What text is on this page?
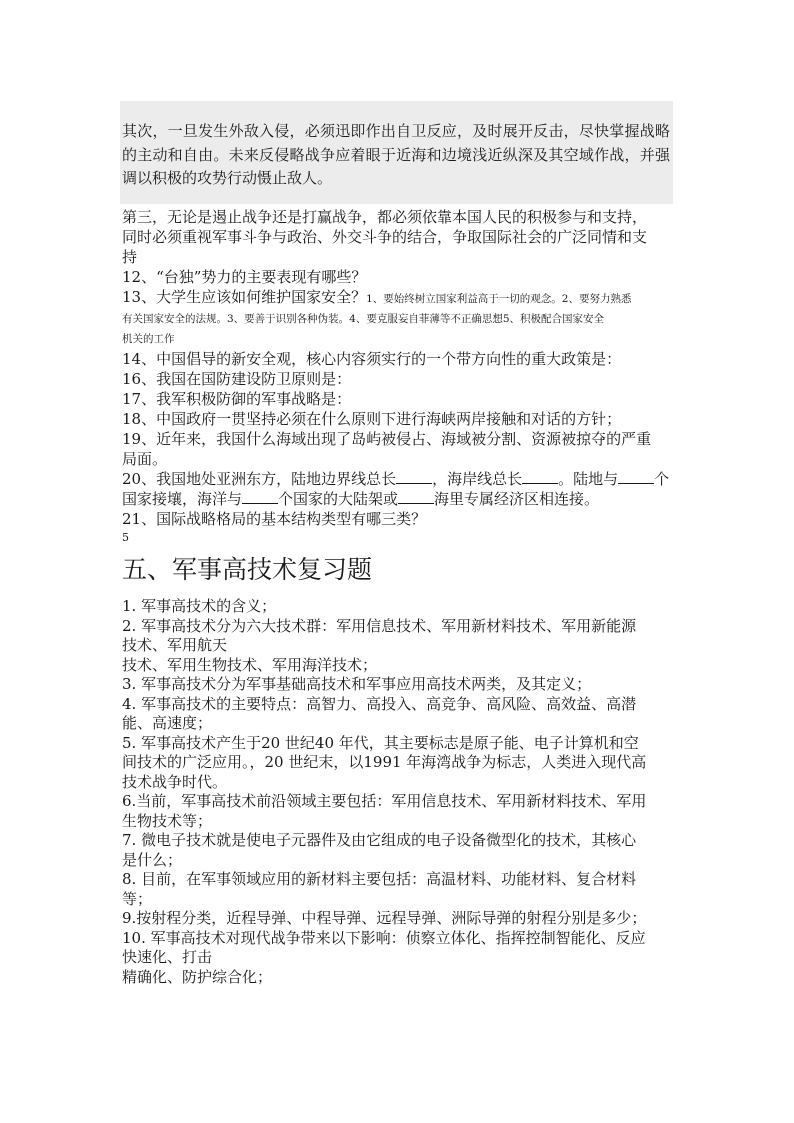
其次，一旦发生外敌入侵，必须迅即作出自卫反应，及时展开反击，尽快掌握战略的主动和自由。未来反侵略战争应着眼于近海和边境浅近纵深及其空域作战，并强调以积极的攻势行动慑止敌人。
第三，无论是遏止战争还是打赢战争，都必须依靠本国人民的积极参与和支持，
同时必须重视军事斗争与政治、外交斗争的结合，争取国际社会的广泛同情和支
持
12、“台独”势力的主要表现有哪些？
13、大学生应该如何维护国家安全？1、要始终树立国家利益高于一切的观念。2、要努力熟悉
有关国家安全的法规。3、要善于识别各种伪装。4、要克服妄自菲薄等不正确思想5、积极配合国家安全
机关的工作
14、中国倡导的新安全观，核心内容须实行的一个带方向性的重大政策是：
16、我国在国防建设防卫原则是：
17、我军积极防御的军事战略是：
18、中国政府一贯坚持必须在什么原则下进行海峡两岸接触和对话的方针；
19、近年来，我国什么海域出现了岛屿被侵占、海域被分割、资源被掠夺的严重
局面。
20、我国地处亚洲东方，陆地边界线总长 ，海岸线总长 。陆地与 个
国家接壤，海洋与 个国家的大陆架或 海里专属经济区相连接。
21、国际战略格局的基本结构类型有哪三类？
5
五、军事高技术复习题
1. 军事高技术的含义；
2. 军事高技术分为六大技术群：军用信息技术、军用新材料技术、军用新能源
技术、军用航天
技术、军用生物技术、军用海洋技术；
3. 军事高技术分为军事基础高技术和军事应用高技术两类，及其定义；
4. 军事高技术的主要特点：高智力、高投入、高竞争、高风险、高效益、高潜
能、高速度；
5. 军事高技术产生于20 世纪40 年代，其主要标志是原子能、电子计算机和空
间技术的广泛应用。，20 世纪末，以1991 年海湾战争为标志，人类进入现代高
技术战争时代。
6.当前，军事高技术前沿领域主要包括：军用信息技术、军用新材料技术、军用
生物技术等；
7. 微电子技术就是使电子元器件及由它组成的电子设备微型化的技术，其核心
是什么；
8. 目前，在军事领域应用的新材料主要包括：高温材料、功能材料、复合材料
等；
9.按射程分类，近程导弹、中程导弹、远程导弹、洲际导弹的射程分别是多少；
10. 军事高技术对现代战争带来以下影响：侦察立体化、指挥控制智能化、反应
快速化、打击
精确化、防护综合化；
